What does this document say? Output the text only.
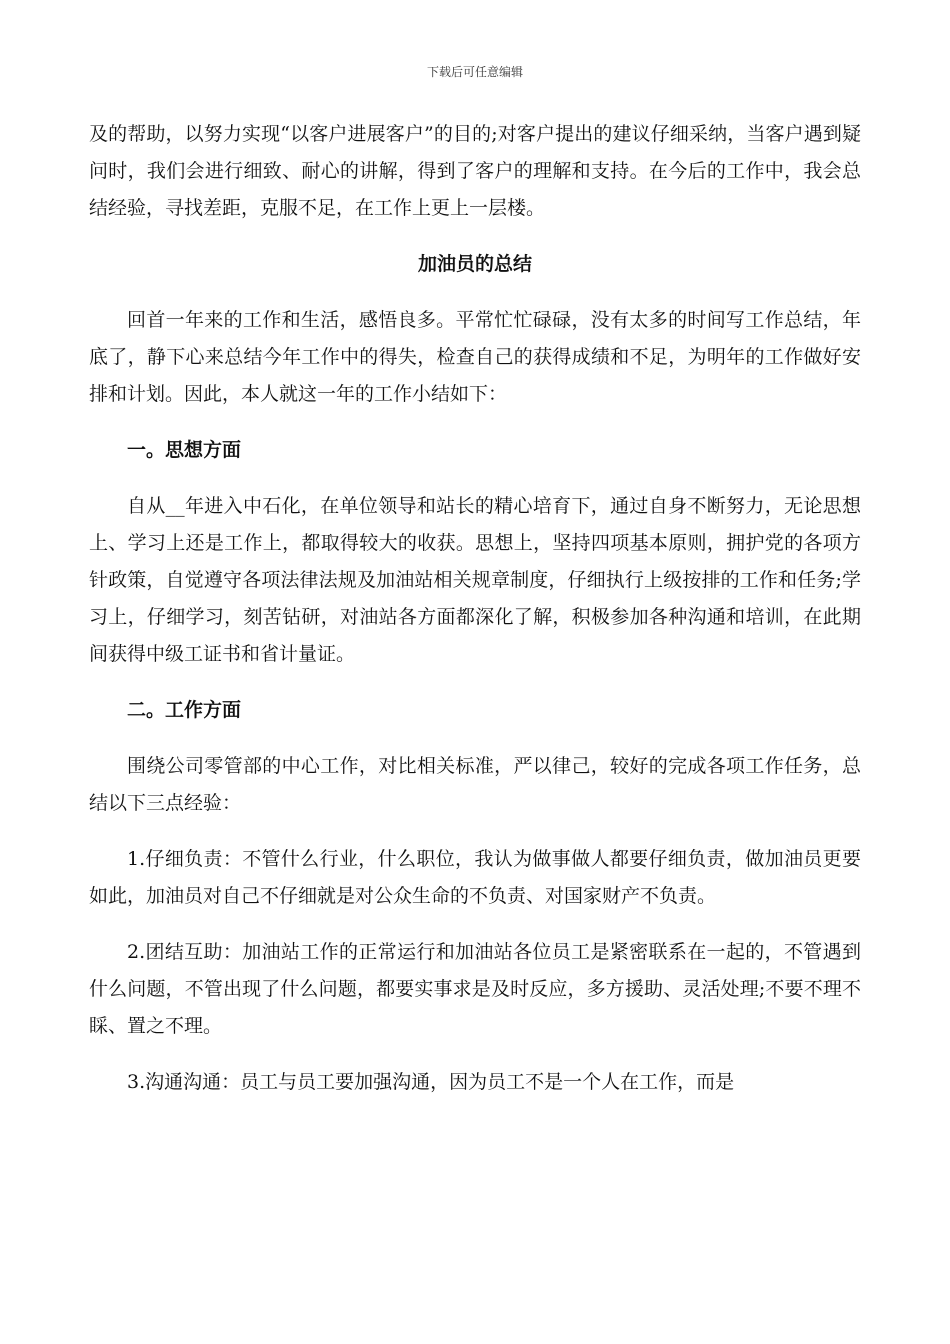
下载后可任意编辑

及的帮助，以努力实现“以客户进展客户”的目的;对客户提出的建议仔细采纳，当客户遇到疑问时，我们会进行细致、耐心的讲解，得到了客户的理解和支持。在今后的工作中，我会总结经验，寻找差距，克服不足，在工作上更上一层楼。

加油员的总结

回首一年来的工作和生活，感悟良多。平常忙忙碌碌，没有太多的时间写工作总结，年底了，静下心来总结今年工作中的得失，检查自己的获得成绩和不足，为明年的工作做好安排和计划。因此，本人就这一年的工作小结如下：

一。思想方面

自从__年进入中石化，在单位领导和站长的精心培育下，通过自身不断努力，无论思想上、学习上还是工作上，都取得较大的收获。思想上，坚持四项基本原则，拥护党的各项方针政策，自觉遵守各项法律法规及加油站相关规章制度，仔细执行上级按排的工作和任务;学习上，仔细学习，刻苦钻研，对油站各方面都深化了解，积极参加各种沟通和培训，在此期间获得中级工证书和省计量证。

二。工作方面

围绕公司零管部的中心工作，对比相关标准，严以律己，较好的完成各项工作任务，总结以下三点经验：

1.仔细负责：不管什么行业，什么职位，我认为做事做人都要仔细负责，做加油员更要如此，加油员对自己不仔细就是对公众生命的不负责、对国家财产不负责。

2.团结互助：加油站工作的正常运行和加油站各位员工是紧密联系在一起的，不管遇到什么问题，不管出现了什么问题，都要实事求是及时反应，多方援助、灵活处理;不要不理不睬、置之不理。

3.沟通沟通：员工与员工要加强沟通，因为员工不是一个人在工作，而是
